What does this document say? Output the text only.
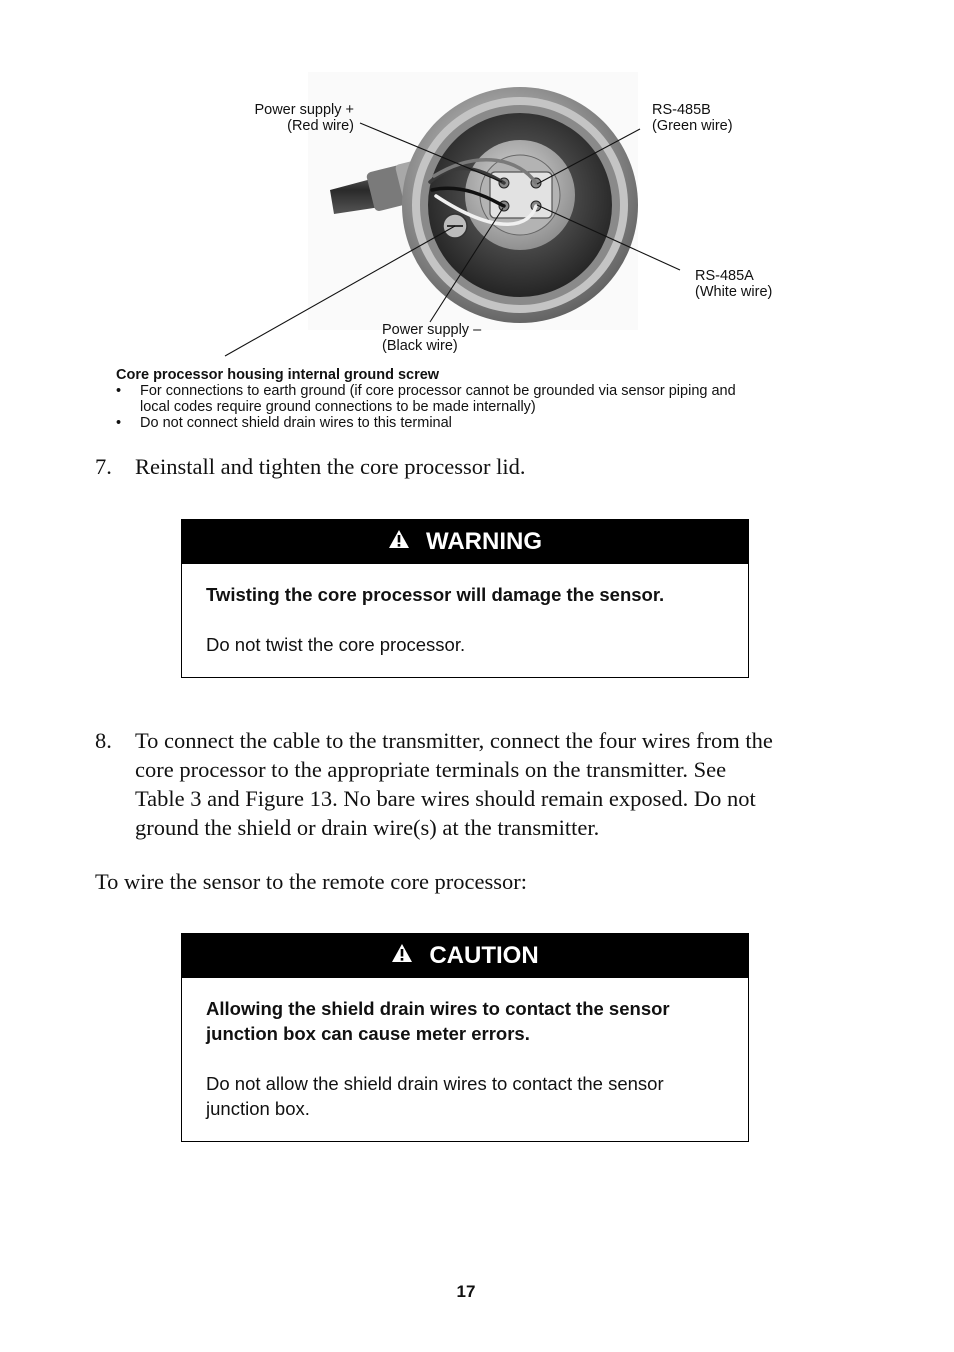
Power supply +
(Red wire)
RS-485B
(Green wire)
RS-485A
(White wire)
Power supply –
(Black wire)
Core processor housing internal ground screw
• For connections to earth ground (if core processor cannot be grounded via sensor piping and
local codes require ground connections to be made internally)
• Do not connect shield drain wires to this terminal
7. Reinstall and tighten the core processor lid.
WARNING
Twisting the core processor will damage the sensor.
Do not twist the core processor.
8. To connect the cable to the transmitter, connect the four wires from the
core processor to the appropriate terminals on the transmitter. See
Table 3 and Figure 13. No bare wires should remain exposed. Do not
ground the shield or drain wire(s) at the transmitter.
To wire the sensor to the remote core processor:
CAUTION
Allowing the shield drain wires to contact the sensor
junction box can cause meter errors.
Do not allow the shield drain wires to contact the sensor
junction box.
17
